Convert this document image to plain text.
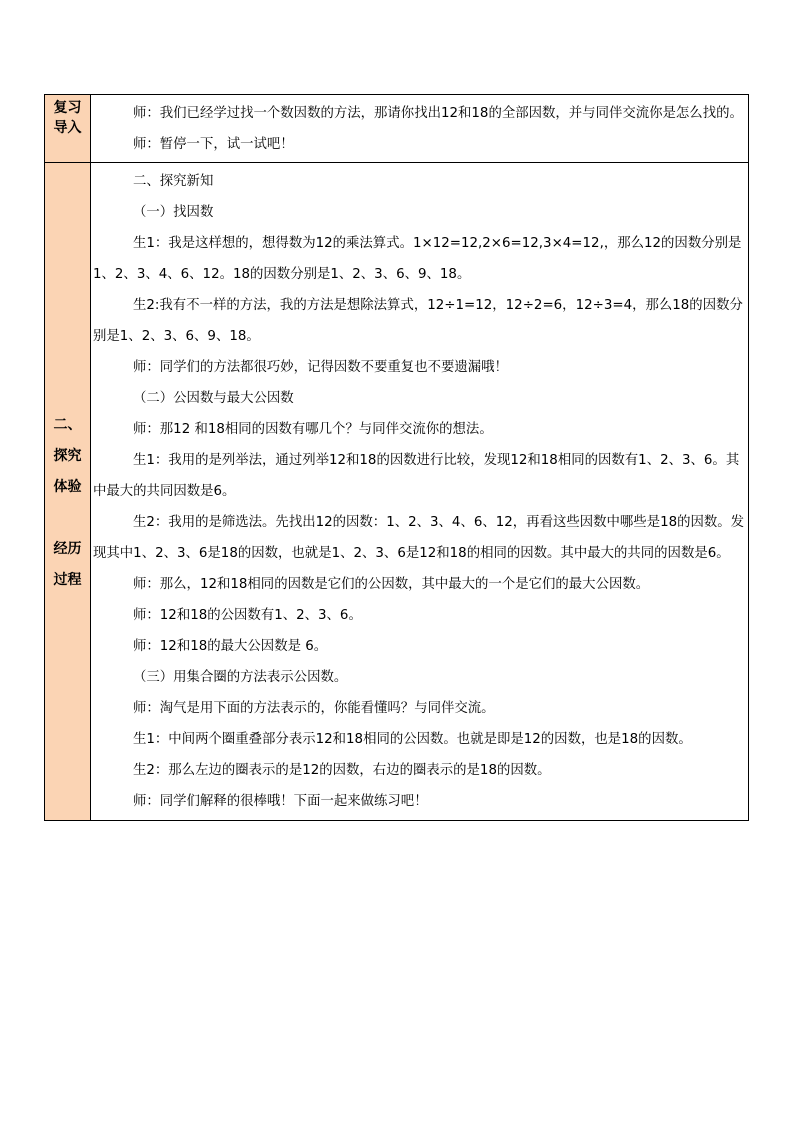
复习
导入

师：我们已经学过找一个数因数的方法，那请你找出12和18的全部因数，并与同伴交流你是怎么找的。

师：暂停一下，试一试吧！

二、
探究
体验
经历
过程

二、探究新知

（一）找因数

生1：我是这样想的，想得数为12的乘法算式。1×12=12,2×6=12,3×4=12,，那么12的因数分别是1、2、3、4、6、12。18的因数分别是1、2、3、6、9、18。

生2:我有不一样的方法，我的方法是想除法算式，12÷1=12，12÷2=6，12÷3=4，那么18的因数分别是1、2、3、6、9、18。

师：同学们的方法都很巧妙，记得因数不要重复也不要遗漏哦！

（二）公因数与最大公因数

师：那12 和18相同的因数有哪几个？与同伴交流你的想法。

生1：我用的是列举法，通过列举12和18的因数进行比较，发现12和18相同的因数有1、2、3、6。其中最大的共同因数是6。

生2：我用的是筛选法。先找出12的因数：1、2、3、4、6、12，再看这些因数中哪些是18的因数。发现其中1、2、3、6是18的因数，也就是1、2、3、6是12和18的相同的因数。其中最大的共同的因数是6。

师：那么，12和18相同的因数是它们的公因数，其中最大的一个是它们的最大公因数。

师：12和18的公因数有1、2、3、6。

师：12和18的最大公因数是 6。

（三）用集合圈的方法表示公因数。

师：淘气是用下面的方法表示的，你能看懂吗？与同伴交流。

生1：中间两个圈重叠部分表示12和18相同的公因数。也就是即是12的因数，也是18的因数。

生2：那么左边的圈表示的是12的因数，右边的圈表示的是18的因数。

师：同学们解释的很棒哦！下面一起来做练习吧！
